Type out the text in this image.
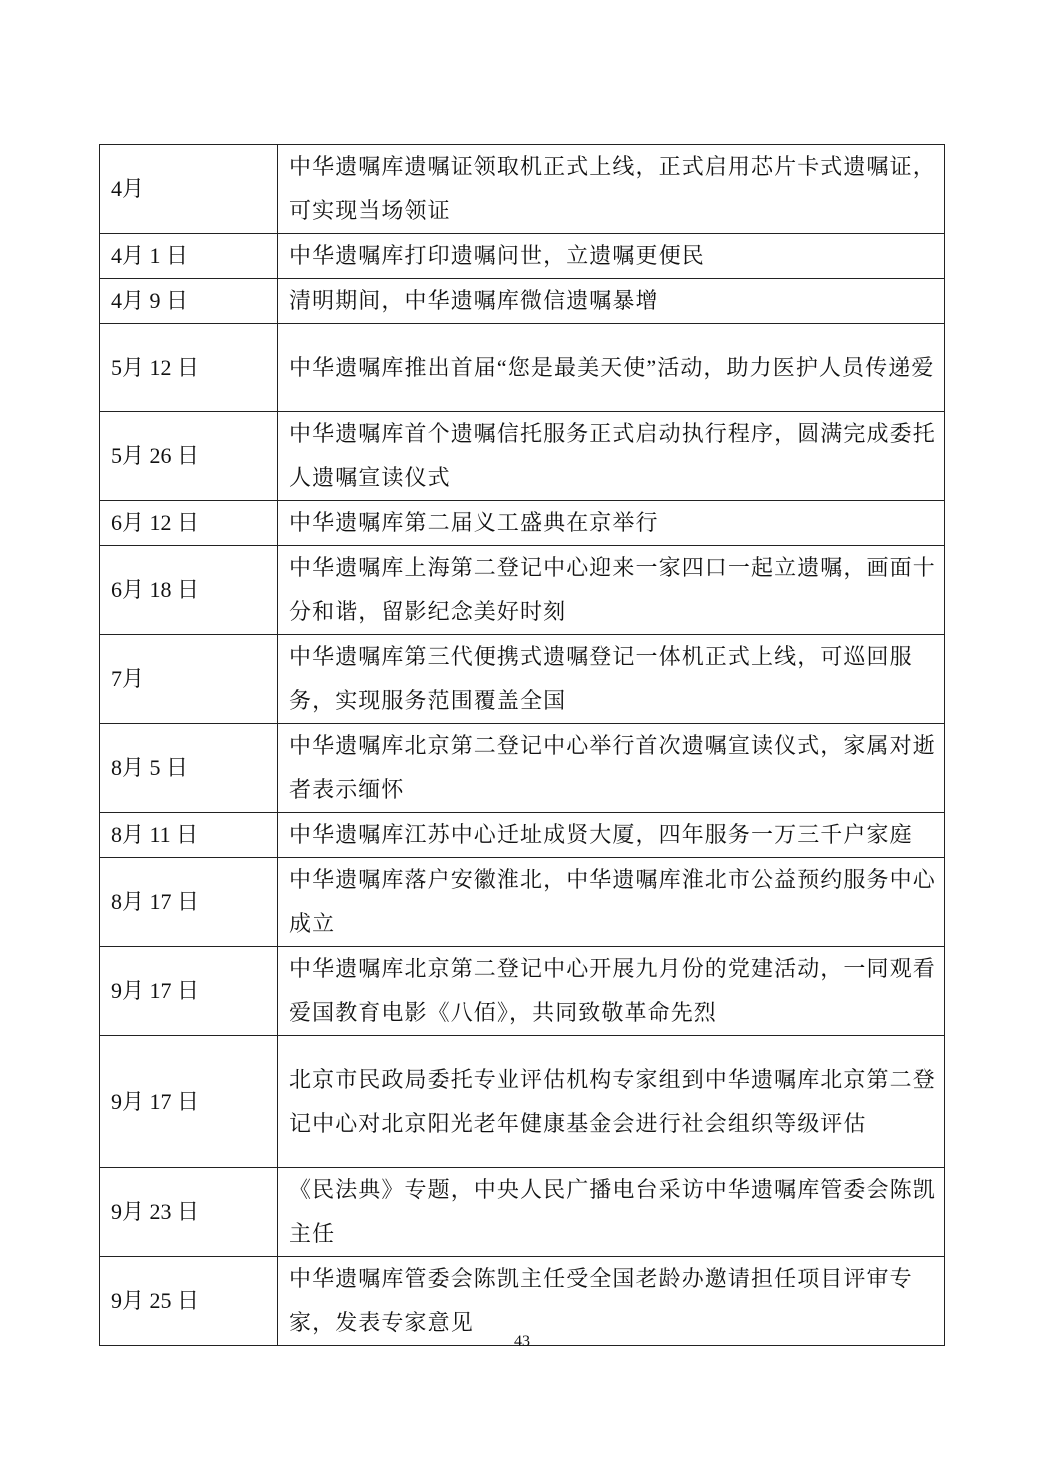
4月	中华遗嘱库遗嘱证领取机正式上线，正式启用芯片卡式遗嘱证，可实现当场领证
4月 1 日	中华遗嘱库打印遗嘱问世，立遗嘱更便民
4月 9 日	清明期间，中华遗嘱库微信遗嘱暴增
5月 12 日	中华遗嘱库推出首届“您是最美天使”活动，助力医护人员传递爱
5月 26 日	中华遗嘱库首个遗嘱信托服务正式启动执行程序，圆满完成委托人遗嘱宣读仪式
6月 12 日	中华遗嘱库第二届义工盛典在京举行
6月 18 日	中华遗嘱库上海第二登记中心迎来一家四口一起立遗嘱，画面十分和谐，留影纪念美好时刻
7月	中华遗嘱库第三代便携式遗嘱登记一体机正式上线，可巡回服务，实现服务范围覆盖全国
8月 5 日	中华遗嘱库北京第二登记中心举行首次遗嘱宣读仪式，家属对逝者表示缅怀
8月 11 日	中华遗嘱库江苏中心迁址成贤大厦，四年服务一万三千户家庭
8月 17 日	中华遗嘱库落户安徽淮北，中华遗嘱库淮北市公益预约服务中心成立
9月 17 日	中华遗嘱库北京第二登记中心开展九月份的党建活动，一同观看爱国教育电影《八佰》，共同致敬革命先烈
9月 17 日	北京市民政局委托专业评估机构专家组到中华遗嘱库北京第二登记中心对北京阳光老年健康基金会进行社会组织等级评估
9月 23 日	《民法典》专题，中央人民广播电台采访中华遗嘱库管委会陈凯主任
9月 25 日	中华遗嘱库管委会陈凯主任受全国老龄办邀请担任项目评审专家，发表专家意见
43
